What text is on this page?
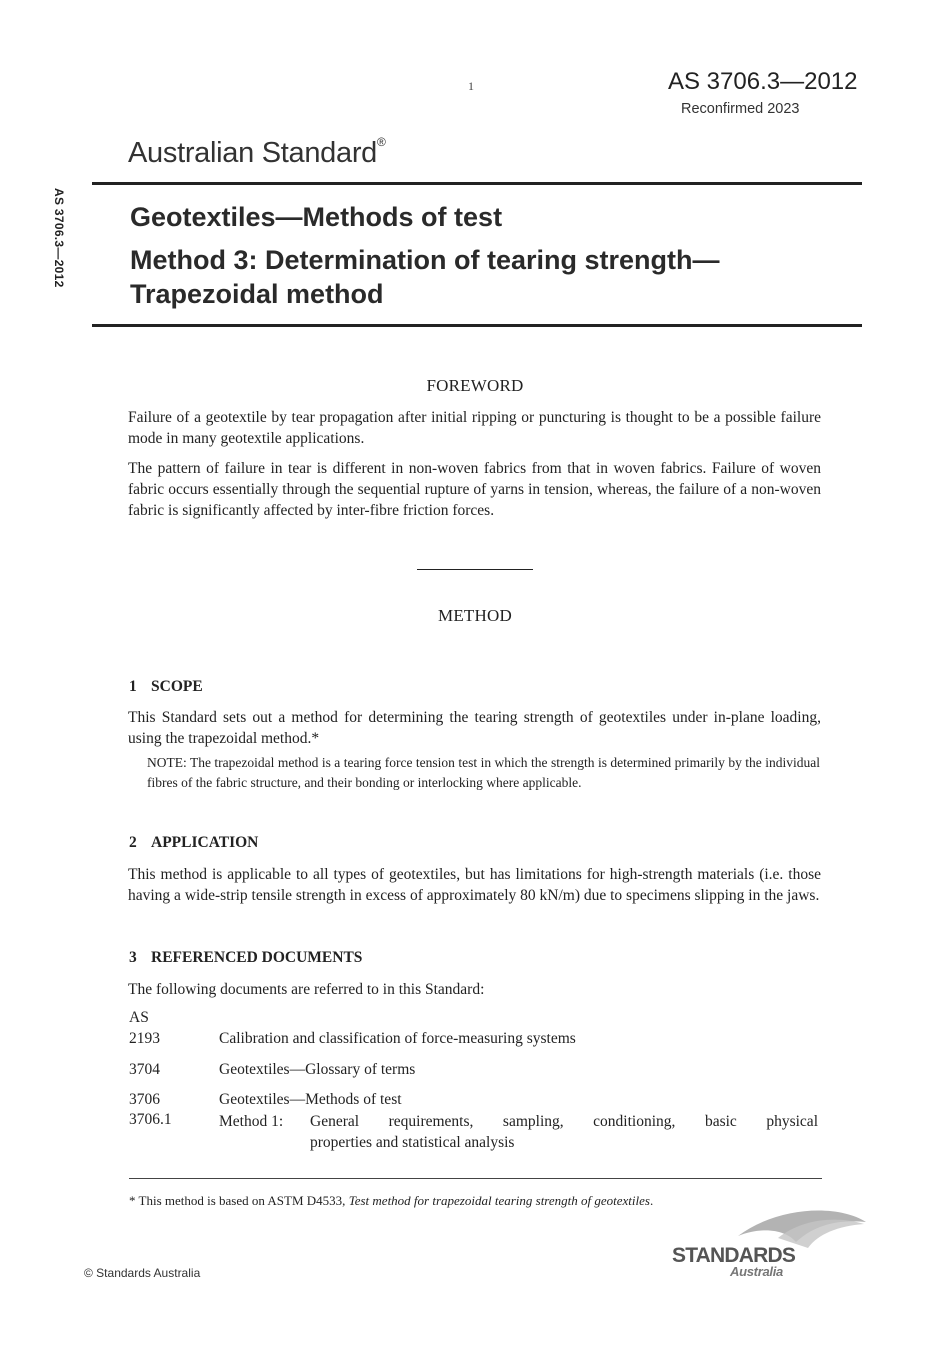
1	AS 3706.3—2012
Reconfirmed 2023
Australian Standard®
AS 3706.3—2012 Geotextiles—Methods of test
Method 3: Determination of tearing strength—
Trapezoidal method
FOREWORD
Failure of a geotextile by tear propagation after initial ripping or puncturing is thought to be a possible failure mode in many geotextile applications.
The pattern of failure in tear is different in non-woven fabrics from that in woven fabrics. Failure of woven fabric occurs essentially through the sequential rupture of yarns in tension, whereas, the failure of a non-woven fabric is significantly affected by inter-fibre friction forces.
METHOD
1 SCOPE
This Standard sets out a method for determining the tearing strength of geotextiles under in-plane loading, using the trapezoidal method.*
NOTE: The trapezoidal method is a tearing force tension test in which the strength is determined primarily by the individual fibres of the fabric structure, and their bonding or interlocking where applicable.
2 APPLICATION
This method is applicable to all types of geotextiles, but has limitations for high-strength materials (i.e. those having a wide-strip tensile strength in excess of approximately 80 kN/m) due to specimens slipping in the jaws.
3 REFERENCED DOCUMENTS
The following documents are referred to in this Standard:
AS
2193	Calibration and classification of force-measuring systems
3704	Geotextiles—Glossary of terms
3706	Geotextiles—Methods of test
3706.1	Method 1: General requirements, sampling, conditioning, basic physical
properties and statistical analysis
* This method is based on ASTM D4533, Test method for trapezoidal tearing strength of geotextiles.
© Standards Australia
STANDARDS
Australia
